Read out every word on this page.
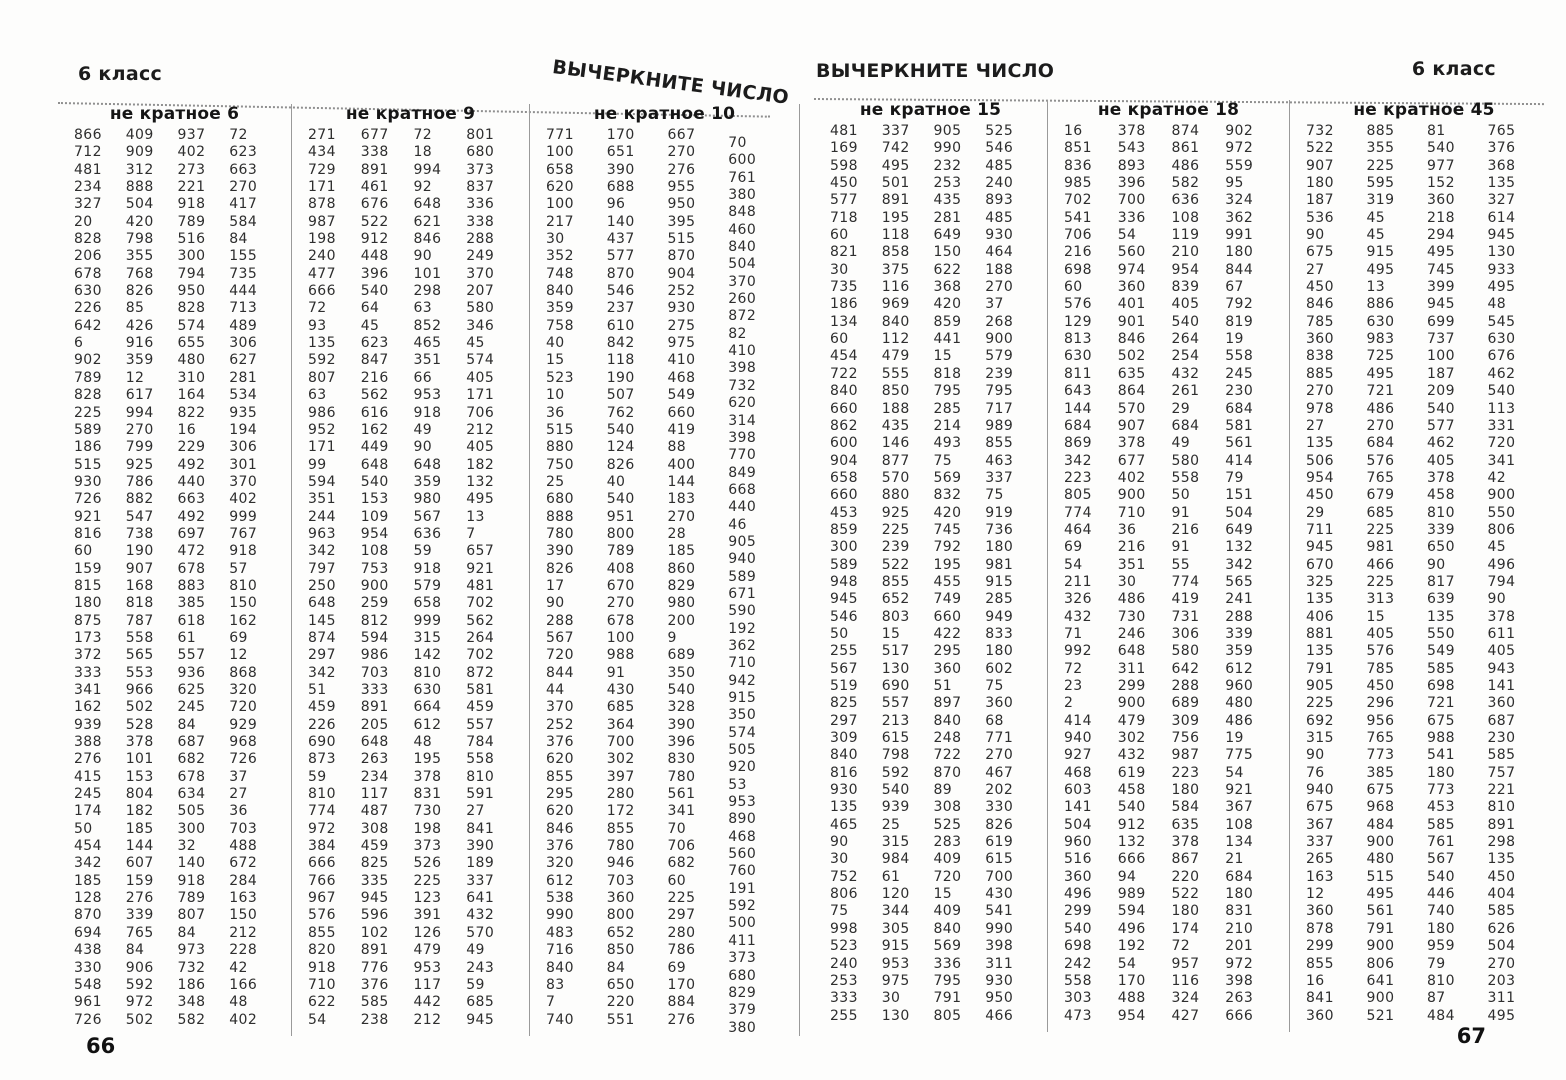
6 класс	ВЫЧЕРКНИТЕ ЧИСЛО
не кратное 6
866	409	937	72
712	909	402	623
481	312	273	663
234	888	221	270
327	504	918	417
20	420	789	584
828	798	516	84
206	355	300	155
678	768	794	735
630	826	950	444
226	85	828	713
642	426	574	489
6	916	655	306
902	359	480	627
789	12	310	281
828	617	164	534
225	994	822	935
589	270	16	194
186	799	229	306
515	925	492	301
930	786	440	370
726	882	663	402
921	547	492	999
816	738	697	767
60	190	472	918
159	907	678	57
815	168	883	810
180	818	385	150
875	787	618	162
173	558	61	69
372	565	557	12
333	553	936	868
341	966	625	320
162	502	245	720
939	528	84	929
388	378	687	968
276	101	682	726
415	153	678	37
245	804	634	27
174	182	505	36
50	185	300	703
454	144	32	488
342	607	140	672
185	159	918	284
128	276	789	163
870	339	807	150
694	765	84	212
438	84	973	228
330	906	732	42
548	592	186	166
961	972	348	48
726	502	582	402
не кратное 9
271	677	72	801
434	338	18	680
729	891	994	373
171	461	92	837
878	676	648	336
987	522	621	338
198	912	846	288
240	448	90	249
477	396	101	370
666	540	298	207
72	64	63	580
93	45	852	346
135	623	465	45
592	847	351	574
807	216	66	405
63	562	953	171
986	616	918	706
952	162	49	212
171	449	90	405
99	648	648	182
594	540	359	132
351	153	980	495
244	109	567	13
963	954	636	7
342	108	59	657
797	753	918	921
250	900	579	481
648	259	658	702
145	812	999	562
874	594	315	264
297	986	142	702
342	703	810	872
51	333	630	581
459	891	664	459
226	205	612	557
690	648	48	784
873	263	195	558
59	234	378	810
810	117	831	591
774	487	730	27
972	308	198	841
384	459	373	390
666	825	526	189
766	335	225	337
967	945	123	641
576	596	391	432
855	102	126	570
820	891	479	49
918	776	953	243
710	376	117	59
622	585	442	685
54	238	212	945
не кратное 10
771	170	667	70
100	651	270	600
658	390	276	761
620	688	955	380
100	96	950	848
217	140	395	460
30	437	515	840
352	577	870	504
748	870	904	370
840	546	252	260
359	237	930	872
758	610	275	82
40	842	975	410
15	118	410	398
523	190	468	732
10	507	549	620
36	762	660	314
515	540	419	398
880	124	88	770
750	826	400	849
25	40	144	668
680	540	183	440
888	951	270	46
780	800	28	905
390	789	185	940
826	408	860	589
17	670	829	671
90	270	980	590
288	678	200	192
567	100	9	362
720	988	689	710
844	91	350	942
44	430	540	915
370	685	328	350
252	364	390	574
376	700	396	505
620	302	830	920
855	397	780	53
295	280	561	953
620	172	341	890
846	855	70	468
376	780	706	560
320	946	682	760
612	703	60	191
538	360	225	592
990	800	297	500
483	652	280	411
716	850	786	373
840	84	69	680
83	650	170	829
7	220	884	379
740	551	276	380
66
ВЫЧЕРКНИТЕ ЧИСЛО	6 класс
не кратное 15
481	337	905	525
169	742	990	546
598	495	232	485
450	501	253	240
577	891	435	893
718	195	281	485
60	118	649	930
821	858	150	464
30	375	622	188
735	116	368	270
186	969	420	37
134	840	859	268
60	112	441	900
454	479	15	579
722	555	818	239
840	850	795	795
660	188	285	717
862	435	214	989
600	146	493	855
904	877	75	463
658	570	569	337
660	880	832	75
453	925	420	919
859	225	745	736
300	239	792	180
589	522	195	981
948	855	455	915
945	652	749	285
546	803	660	949
50	15	422	833
255	517	295	180
567	130	360	602
519	690	51	75
825	557	897	360
297	213	840	68
309	615	248	771
840	798	722	270
816	592	870	467
930	540	89	202
135	939	308	330
465	25	525	826
90	315	283	619
30	984	409	615
752	61	720	700
806	120	15	430
75	344	409	541
998	305	840	990
523	915	569	398
240	953	336	311
253	975	795	930
333	30	791	950
255	130	805	466
не кратное 18
16	378	874	902
851	543	861	972
836	893	486	559
985	396	582	95
702	700	636	324
541	336	108	362
706	54	119	991
216	560	210	180
698	974	954	844
60	360	839	67
576	401	405	792
129	901	540	819
813	846	264	19
630	502	254	558
811	635	432	245
643	864	261	230
144	570	29	684
684	907	684	581
869	378	49	561
342	677	580	414
223	402	558	79
805	900	50	151
774	710	91	504
464	36	216	649
69	216	91	132
54	351	55	342
211	30	774	565
326	486	419	241
432	730	731	288
71	246	306	339
992	648	580	359
72	311	642	612
23	299	288	960
2	900	689	480
414	479	309	486
940	302	756	19
927	432	987	775
468	619	223	54
603	458	180	921
141	540	584	367
504	912	635	108
960	132	378	134
516	666	867	21
360	94	220	684
496	989	522	180
299	594	180	831
540	496	174	210
698	192	72	201
242	54	957	972
558	170	116	398
303	488	324	263
473	954	427	666
не кратное 45
732	885	81	765
522	355	540	376
907	225	977	368
180	595	152	135
187	319	360	327
536	45	218	614
90	45	294	945
675	915	495	130
27	495	745	933
450	13	399	495
846	886	945	48
785	630	699	545
360	983	737	630
838	725	100	676
885	495	187	462
270	721	209	540
978	486	540	113
27	270	577	331
135	684	462	720
506	576	405	341
954	765	378	42
450	679	458	900
29	685	810	550
711	225	339	806
945	981	650	45
670	466	90	496
325	225	817	794
135	313	639	90
406	15	135	378
881	405	550	611
135	576	549	405
791	785	585	943
905	450	698	141
225	296	721	360
692	956	675	687
315	765	988	230
90	773	541	585
76	385	180	757
940	675	773	221
675	968	453	810
367	484	585	891
337	900	761	298
265	480	567	135
163	515	540	450
12	495	446	404
360	561	740	585
878	791	180	626
299	900	959	504
855	806	79	270
16	641	810	203
841	900	87	311
360	521	484	495
67
